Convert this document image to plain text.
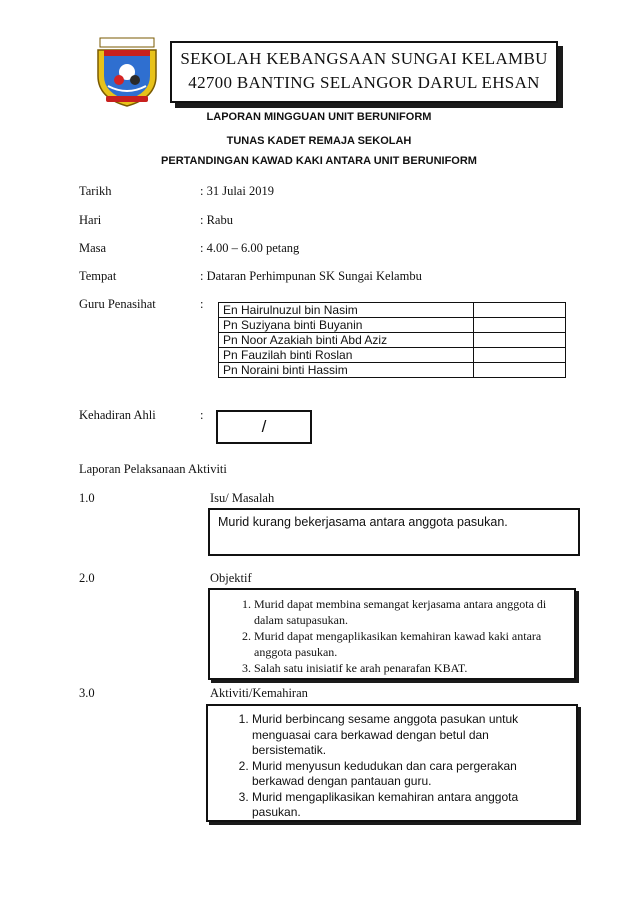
SEKOLAH KEBANGSAAN SUNGAI KELAMBU
42700 BANTING SELANGOR DARUL EHSAN
LAPORAN MINGGUAN UNIT BERUNIFORM
TUNAS KADET REMAJA SEKOLAH
PERTANDINGAN KAWAD KAKI ANTARA UNIT BERUNIFORM
Tarikh	: 31 Julai 2019
Hari	: Rabu
Masa	: 4.00 – 6.00 petang
Tempat	: Dataran Perhimpunan SK Sungai Kelambu
Guru Penasihat	: En Hairulnuzul bin Nasim	
Pn Suziyana binti Buyanin	
Pn Noor Azakiah binti Abd Aziz	
Pn Fauzilah binti Roslan	
Pn Noraini binti Hassim	
Kehadiran Ahli	:
/
Laporan Pelaksanaan Aktiviti
1.0	Isu/ Masalah
Murid kurang bekerjasama antara anggota pasukan.
2.0	Objektif
1. Murid dapat membina semangat kerjasama antara anggota di dalam satupasukan.
2. Murid dapat mengaplikasikan kemahiran kawad kaki antara anggota pasukan.
3. Salah satu inisiatif ke arah penarafan KBAT.
3.0	Aktiviti/Kemahiran
1. Murid berbincang sesame anggota pasukan untuk menguasai cara berkawad dengan betul dan bersistematik.
2. Murid menyusun kedudukan dan cara pergerakan berkawad dengan pantauan guru.
3. Murid mengaplikasikan kemahiran antara anggota pasukan.
